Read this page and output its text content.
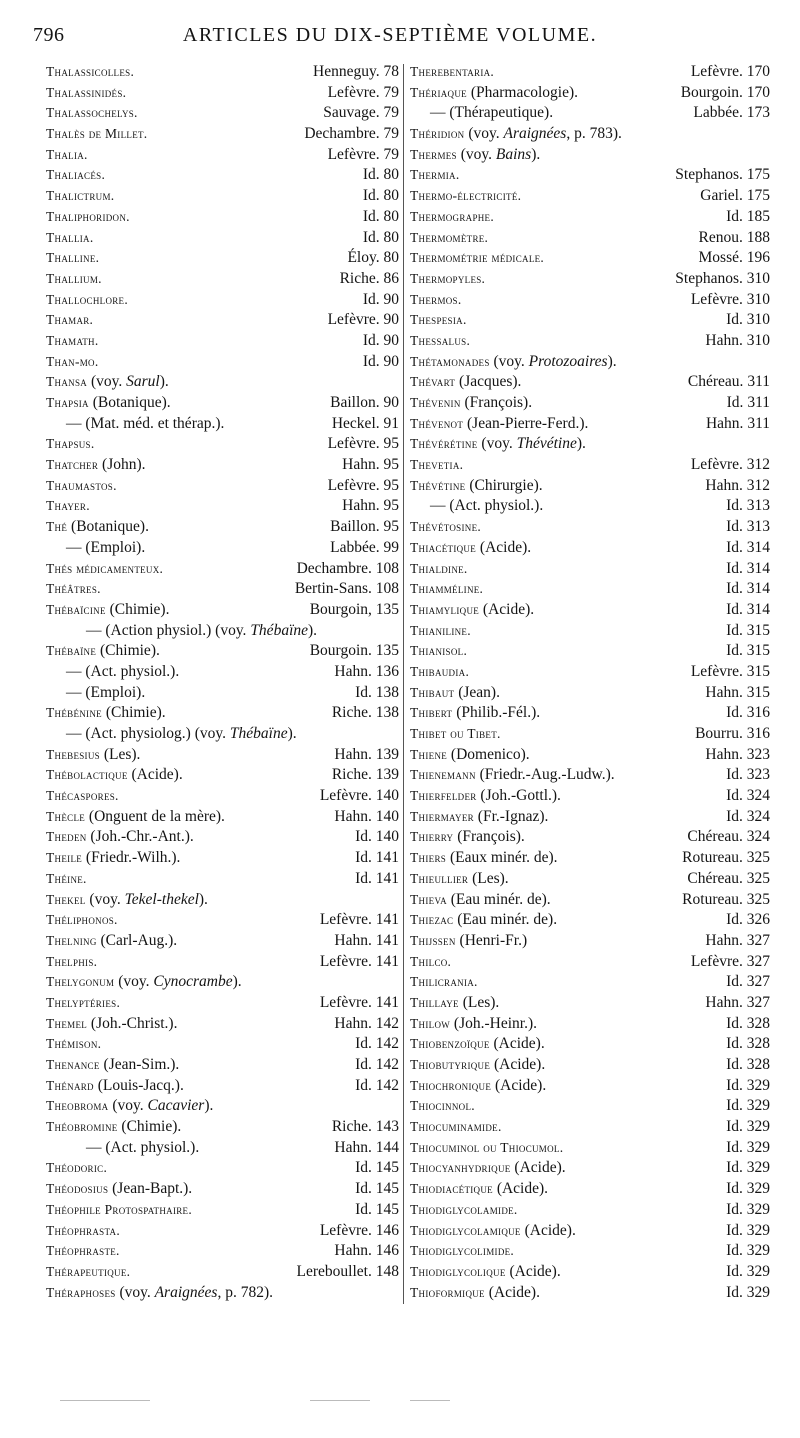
796	ARTICLES DU DIX-SEPTIÈME VOLUME.
Thalassicolles.	Henneguy. 78
Thalassinidés.	Lefèvre. 79
Thalassochelys.	Sauvage. 79
Thalès de Millet.	Dechambre. 79
Thalia.	Lefèvre. 79
Thaliacés.	Id. 80
Thalictrum.	Id. 80
Thaliphoridon.	Id. 80
Thallia.	Id. 80
Thalline.	Éloy. 80
Thallium.	Riche. 86
Thallochlore.	Id. 90
Thamar.	Lefèvre. 90
Thamath.	Id. 90
Than-mo.	Id. 90
Thansa (voy. Sarul).
Thapsia (Botanique).	Baillon. 90
— (Mat. méd. et thérap.).	Heckel. 91
Thapsus.	Lefèvre. 95
Thatcher (John).	Hahn. 95
Thaumastos.	Lefèvre. 95
Thayer.	Hahn. 95
Thé (Botanique).	Baillon. 95
— (Emploi).	Labbée. 99
Thés médicamenteux.	Dechambre. 108
Théâtres.	Bertin-Sans. 108
Thébaïcine (Chimie).	Bourgoin, 135
— (Action physiol.) (voy. Thébaïne).
Thébaïne (Chimie).	Bourgoin. 135
— (Act. physiol.).	Hahn. 136
— (Emploi).	Id. 138
Thébénine (Chimie).	Riche. 138
— (Act. physiolog.) (voy. Thébaïne).
Thebesius (Les).	Hahn. 139
Thébolactique (Acide).	Riche. 139
Thécaspores.	Lefèvre. 140
Thècle (Onguent de la mère).	Hahn. 140
Theden (Joh.-Chr.-Ant.).	Id. 140
Theile (Friedr.-Wilh.).	Id. 141
Théine.	Id. 141
Thekel (voy. Tekel-thekel).
Théliphonos.	Lefèvre. 141
Thelning (Carl-Aug.).	Hahn. 141
Thelphis.	Lefèvre. 141
Thelygonum (voy. Cynocrambe).
Thelyptéries.	Lefèvre. 141
Themel (Joh.-Christ.).	Hahn. 142
Thémison.	Id. 142
Thenance (Jean-Sim.).	Id. 142
Thénard (Louis-Jacq.).	Id. 142
Theobroma (voy. Cacavier).
Théobromine (Chimie).	Riche. 143
— (Act. physiol.).	Hahn. 144
Théodoric.	Id. 145
Théodosius (Jean-Bapt.).	Id. 145
Théophile Protospathaire.	Id. 145
Théophrasta.	Lefèvre. 146
Théophraste.	Hahn. 146
Thérapeutique.	Lereboullet. 148
Théraphoses (voy. Araignées, p. 782).
Therebentaria.	Lefèvre. 170
Thériaque (Pharmacologie).	Bourgoin. 170
— (Thérapeutique).	Labbée. 173
Théridion (voy. Araignées, p. 783).
Thermes (voy. Bains).
Thermia.	Stephanos. 175
Thermo-électricité.	Gariel. 175
Thermographe.	Id. 185
Thermomètre.	Renou. 188
Thermométrie médicale.	Mossé. 196
Thermopyles.	Stephanos. 310
Thermos.	Lefèvre. 310
Thespesia.	Id. 310
Thessalus.	Hahn. 310
Thétamonades (voy. Protozoaires).
Thévart (Jacques).	Chéreau. 311
Thévenin (François).	Id. 311
Thévenot (Jean-Pierre-Ferd.).	Hahn. 311
Thévérétine (voy. Thévétine).
Thevetia.	Lefèvre. 312
Thévétine (Chirurgie).	Hahn. 312
— (Act. physiol.).	Id. 313
Thévétosine.	Id. 313
Thiacétique (Acide).	Id. 314
Thialdine.	Id. 314
Thiamméline.	Id. 314
Thiamylique (Acide).	Id. 314
Thianiline.	Id. 315
Thianisol.	Id. 315
Thibaudia.	Lefèvre. 315
Thibaut (Jean).	Hahn. 315
Thibert (Philib.-Fél.).	Id. 316
Thibet ou Tibet.	Bourru. 316
Thiene (Domenico).	Hahn. 323
Thienemann (Friedr.-Aug.-Ludw.).	Id. 323
Thierfelder (Joh.-Gottl.).	Id. 324
Thiermayer (Fr.-Ignaz).	Id. 324
Thierry (François).	Chéreau. 324
Thiers (Eaux minér. de).	Rotureau. 325
Thieullier (Les).	Chéreau. 325
Thieva (Eau minér. de).	Rotureau. 325
Thiezac (Eau minér. de).	Id. 326
Thijssen (Henri-Fr.)	Hahn. 327
Thilco.	Lefèvre. 327
Thilicrania.	Id. 327
Thillaye (Les).	Hahn. 327
Thilow (Joh.-Heinr.).	Id. 328
Thiobenzoïque (Acide).	Id. 328
Thiobutyrique (Acide).	Id. 328
Thiochronique (Acide).	Id. 329
Thiocinnol.	Id. 329
Thiocuminamide.	Id. 329
Thiocuminol ou Thiocumol.	Id. 329
Thiocyanhydrique (Acide).	Id. 329
Thiodiacétique (Acide).	Id. 329
Thiodiglycolamide.	Id. 329
Thiodiglycolamique (Acide).	Id. 329
Thiodiglycolimide.	Id. 329
Thiodiglycolique (Acide).	Id. 329
Thioformique (Acide).	Id. 329
